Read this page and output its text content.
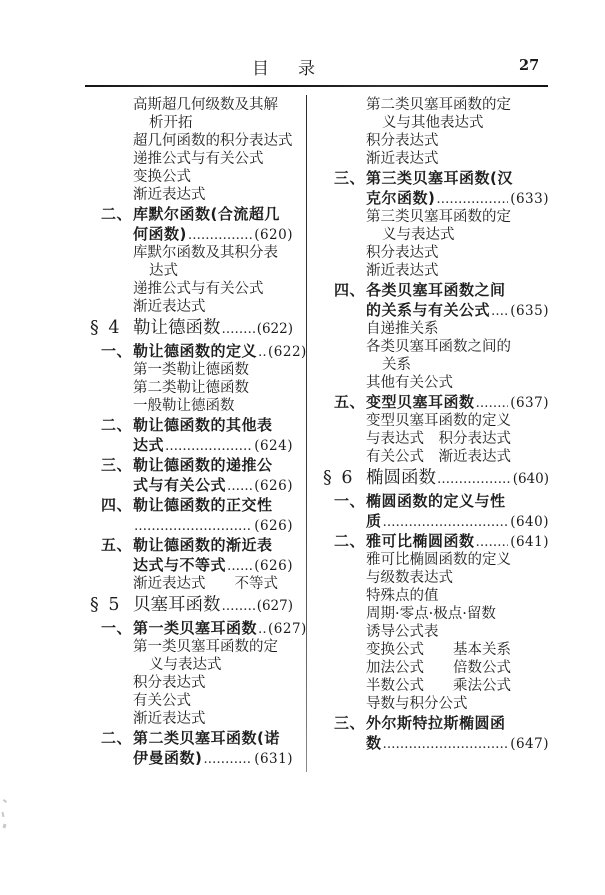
目　录	27
高斯超几何级数及其解
析开拓
超几何函数的积分表达式
递推公式与有关公式
变换公式
渐近表达式
二、 库默尔函数(合流超几
何函数) ……………………………………………………	(620)
库默尔函数及其积分表
达式
递推公式与有关公式
渐近表达式
§ 4 勒让德函数 ……………………………………………………	(622)
一、 勒让德函数的定义 …………………………………………………… (622)
第一类勒让德函数
第二类勒让德函数
一般勒让德函数
二、 勒让德函数的其他表
达式 ……………………………………………………	(624)
三、 勒让德函数的递推公
式与有关公式 …………………………………………………… (626)
四、 勒让德函数的正交性
……………………………………………………
(626)
五、 勒让德函数的渐近表
达式与不等式 …………………………………………………… (626)
渐近表达式　　不等式
§ 5 贝塞耳函数 ……………………………………………………	(627)
一、 第一类贝塞耳函数 …………………………………………………… (627)
第一类贝塞耳函数的定
义与表达式
积分表达式
有关公式
渐近表达式
二、 第二类贝塞耳函数(诺
伊曼函数) ……………………………………………………	(631)
第二类贝塞耳函数的定
义与其他表达式
积分表达式
渐近表达式
三、 第三类贝塞耳函数(汉
克尔函数) ……………………………………………………	(633)
第三类贝塞耳函数的定
义与表达式
积分表达式
渐近表达式
四、 各类贝塞耳函数之间
的关系与有关公式 …………………………………………………… (635)
自递推关系
各类贝塞耳函数之间的
关系
其他有关公式
五、 变型贝塞耳函数 ……………………………………………………	(637)
变型贝塞耳函数的定义
与表达式　积分表达式
有关公式　渐近表达式
§ 6 椭圆函数 ……………………………………………………	(640)
一、 椭圆函数的定义与性
质 ……………………………………………………	(640)
二、 雅可比椭圆函数 ……………………………………………………	(641)
雅可比椭圆函数的定义
与级数表达式
特殊点的值
周期·零点·极点·留数
诱导公式表
变换公式　　基本关系
加法公式　　倍数公式
半数公式　　乘法公式
导数与积分公式
三、 外尔斯特拉斯椭圆函
数 ……………………………………………………	(647)
